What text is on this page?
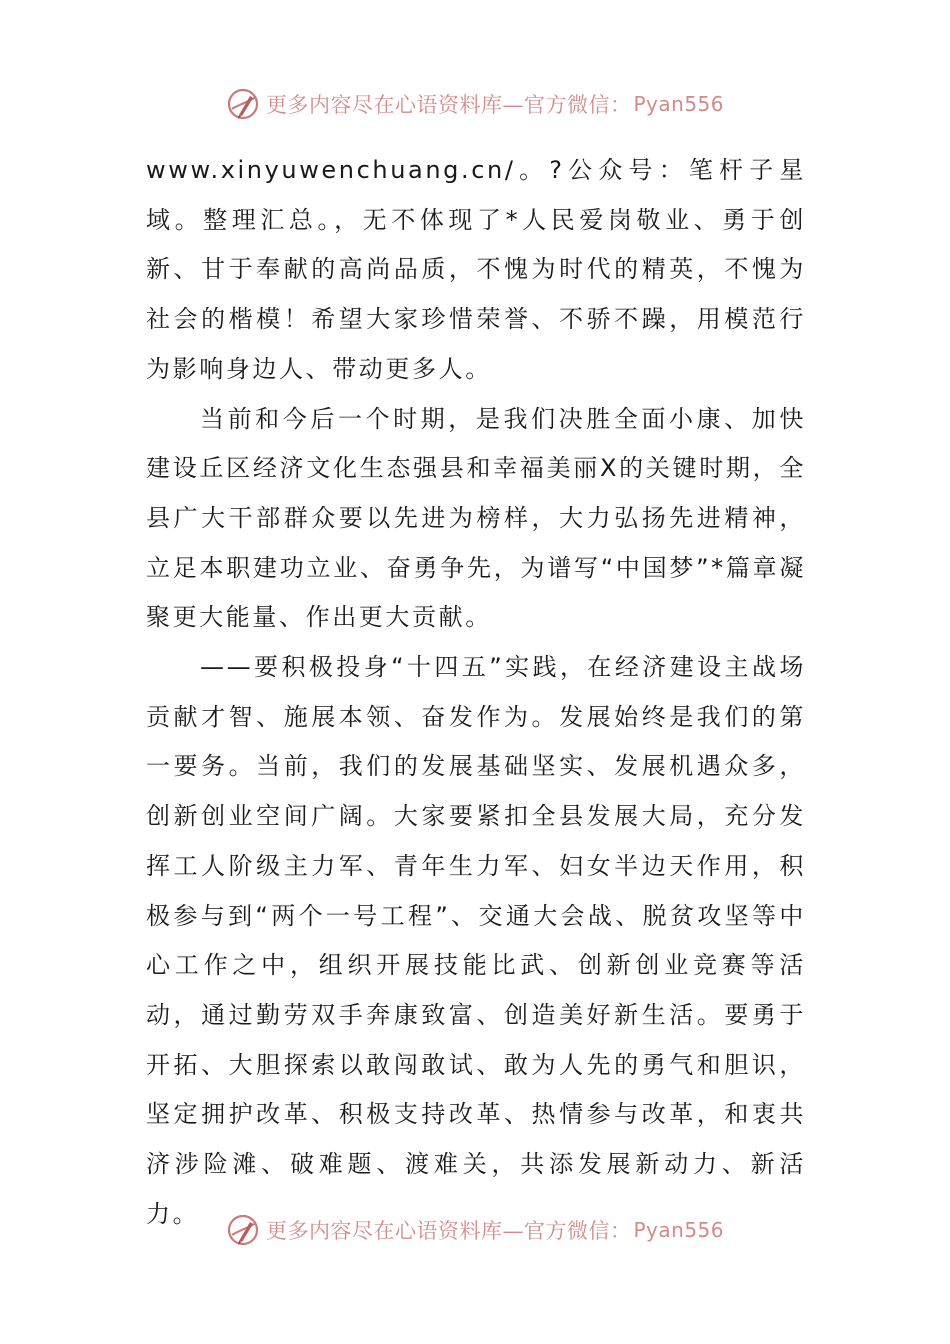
更多内容尽在心语资料库—官方微信： Pyan556

www.xinyuwenchuang.cn/。?公众号：笔杆子星域。整理汇总。，无不体现了*人民爱岗敬业、勇于创新、甘于奉献的高尚品质，不愧为时代的精英，不愧为社会的楷模！希望大家珍惜荣誉、不骄不躁，用模范行为影响身边人、带动更多人。

当前和今后一个时期，是我们决胜全面小康、加快建设丘区经济文化生态强县和幸福美丽X的关键时期，全县广大干部群众要以先进为榜样，大力弘扬先进精神，立足本职建功立业、奋勇争先，为谱写“中国梦”*篇章凝聚更大能量、作出更大贡献。

——要积极投身“十四五”实践，在经济建设主战场贡献才智、施展本领、奋发作为。发展始终是我们的第一要务。当前，我们的发展基础坚实、发展机遇众多，创新创业空间广阔。大家要紧扣全县发展大局，充分发挥工人阶级主力军、青年生力军、妇女半边天作用，积极参与到“两个一号工程”、交通大会战、脱贫攻坚等中心工作之中，组织开展技能比武、创新创业竞赛等活动，通过勤劳双手奔康致富、创造美好新生活。要勇于开拓、大胆探索以敢闯敢试、敢为人先的勇气和胆识，坚定拥护改革、积极支持改革、热情参与改革，和衷共济涉险滩、破难题、渡难关，共添发展新动力、新活力。

更多内容尽在心语资料库—官方微信： Pyan556
